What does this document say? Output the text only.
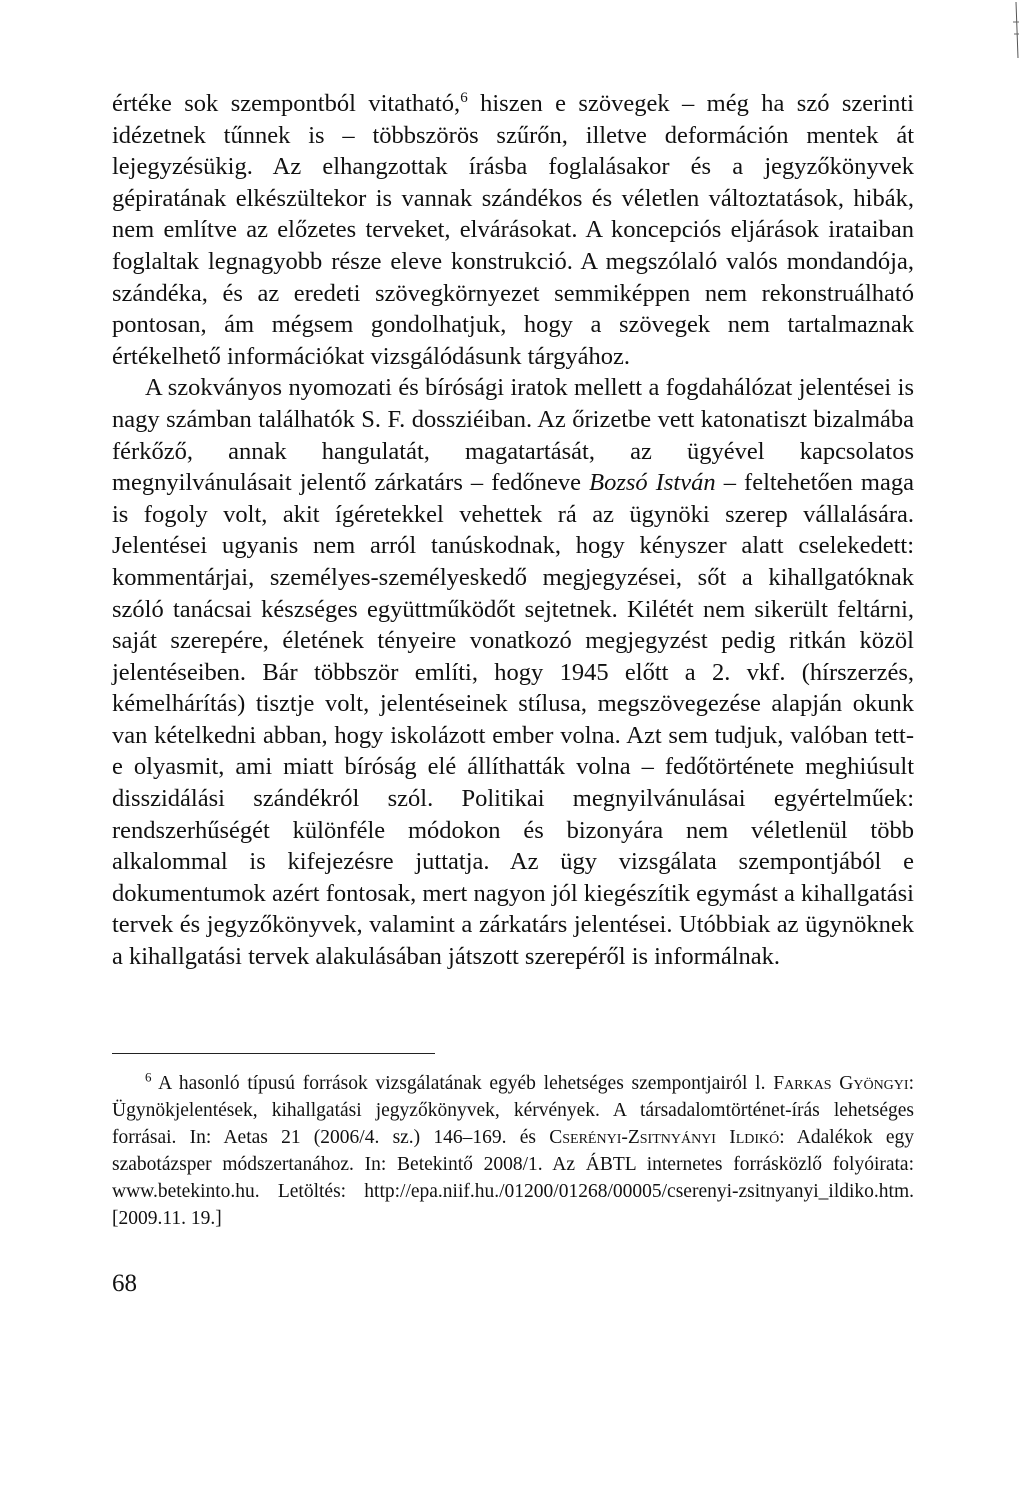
értéke sok szempontból vitatható,$^6$ hiszen e szövegek – még ha szó szerinti idézetnek tűnnek is – többszörös szűrőn, illetve deformáción mentek át lejegyzésükig. Az elhangzottak írásba foglalásakor és a jegyzőkönyvek gépiratának elkészültekor is vannak szándékos és véletlen változtatások, hibák, nem említve az előzetes terveket, elvárásokat. A koncepciós eljárások irataiban foglaltak legnagyobb része eleve konstrukció. A megszólaló valós mondandója, szándéka, és az eredeti szövegkörnyezet semmiképpen nem rekonstruálható pontosan, ám mégsem gondolhatjuk, hogy a szövegek nem tartalmaznak értékelhető információkat vizsgálódásunk tárgyához.

A szokványos nyomozati és bírósági iratok mellett a fogdahálózat jelentései is nagy számban találhatók S. F. dossziéiban. Az őrizetbe vett katonatiszt bizalmába férkőző, annak hangulatát, magatartását, az ügyével kapcsolatos megnyilvánulásait jelentő zárkatárs – fedőneve Bozsó István – feltehetően maga is fogoly volt, akit ígéretekkel vehettek rá az ügynöki szerep vállalására. Jelentései ugyanis nem arról tanúskodnak, hogy kényszer alatt cselekedett: kommentárjai, személyes-személyeskedő megjegyzései, sőt a kihallgatóknak szóló tanácsai készséges együttműködőt sejtetnek. Kilétét nem sikerült feltárni, saját szerepére, életének tényeire vonatkozó megjegyzést pedig ritkán közöl jelentéseiben. Bár többször említi, hogy 1945 előtt a 2. vkf. (hírszerzés, kémelhárítás) tisztje volt, jelentéseinek stílusa, megszövegezése alapján okunk van kételkedni abban, hogy iskolázott ember volna. Azt sem tudjuk, valóban tett-e olyasmit, ami miatt bíróság elé állíthatták volna – fedőtörténete meghiúsult disszidálási szándékról szól. Politikai megnyilvánulásai egyértelműek: rendszerhűségét különféle módokon és bizonyára nem véletlenül több alkalommal is kifejezésre juttatja. Az ügy vizsgálata szempontjából e dokumentumok azért fontosak, mert nagyon jól kiegészítik egymást a kihallgatási tervek és jegyzőkönyvek, valamint a zárkatárs jelentései. Utóbbiak az ügynöknek a kihallgatási tervek alakulásában játszott szerepéről is informálnak.

$^6$ A hasonló típusú források vizsgálatának egyéb lehetséges szempontjairól l. Farkas Gyöngyi: Ügynökjelentések, kihallgatási jegyzőkönyvek, kérvények. A társadalomtörténet-írás lehetséges forrásai. In: Aetas 21 (2006/4. sz.) 146–169. és Cserényi-Zsitnyányi Ildikó: Adalékok egy szabotázsper módszertanához. In: Betekintő 2008/1. Az ÁBTL internetes forrásközlő folyóirata: www.betekinto.hu. Letöltés: http://epa.niif.hu./01200/01268/00005/cserenyi-zsitnyanyi_ildiko.htm. [2009.11. 19.]

68
